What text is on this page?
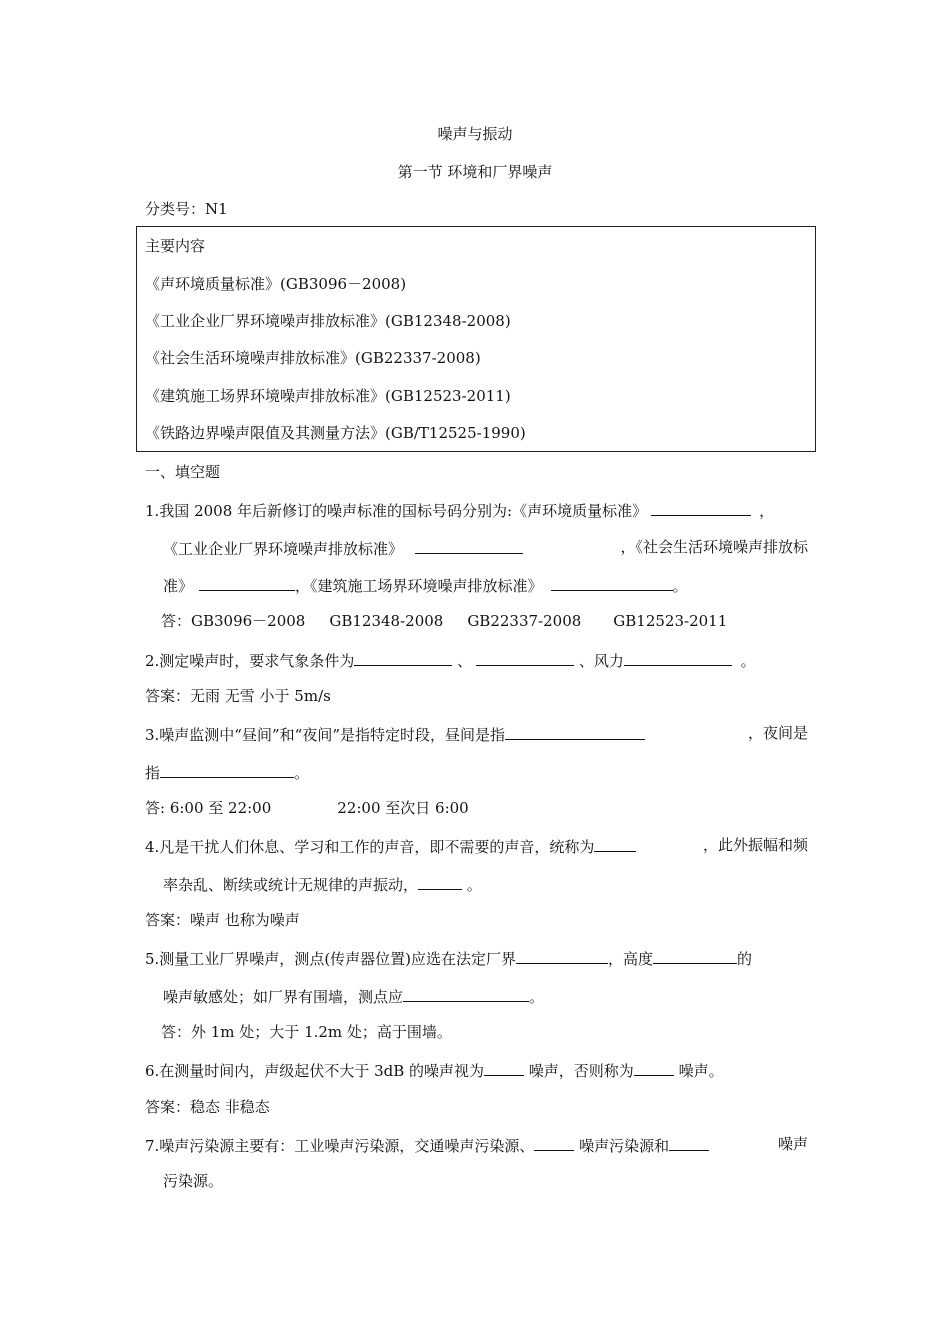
噪声与振动
第一节 环境和厂界噪声
分类号：N1
主要内容
《声环境质量标准》(GB3096－2008)
《工业企业厂界环境噪声排放标准》(GB12348-2008)
《社会生活环境噪声排放标准》(GB22337-2008)
《建筑施工场界环境噪声排放标准》(GB12523-2011)
《铁路边界噪声限值及其测量方法》(GB/T12525-1990)
一、填空题
1.我国 2008 年后新修订的噪声标准的国标号码分别为:《声环境质量标准》	，
《工业企业厂界环境噪声排放标准》	，《社会生活环境噪声排放标
准》	，《建筑施工场界环境噪声排放标准》	。
答：GB3096－2008 GB12348-2008 GB22337-2008 GB12523-2011
2.测定噪声时，要求气象条件为	、	、风力	。
答案：无雨 无雪 小于 5m/s
3.噪声监测中“昼间”和“夜间”是指特定时段，昼间是指	，夜间是
指	。
答: 6:00 至 22:00	22:00 至次日 6:00
4.凡是干扰人们休息、学习和工作的声音，即不需要的声音，统称为	，此外振幅和频
率杂乱、断续或统计无规律的声振动，	。
答案：噪声 也称为噪声
5.测量工业厂界噪声，测点(传声器位置)应选在法定厂界	，高度	的
噪声敏感处；如厂界有围墙，测点应	。
答：外 1m 处；大于 1.2m 处；高于围墙。
6.在测量时间内，声级起伏不大于 3dB 的噪声视为	噪声，否则称为	噪声。
答案：稳态 非稳态
7.噪声污染源主要有：工业噪声污染源，交通噪声污染源、	噪声污染源和	噪声
污染源。
